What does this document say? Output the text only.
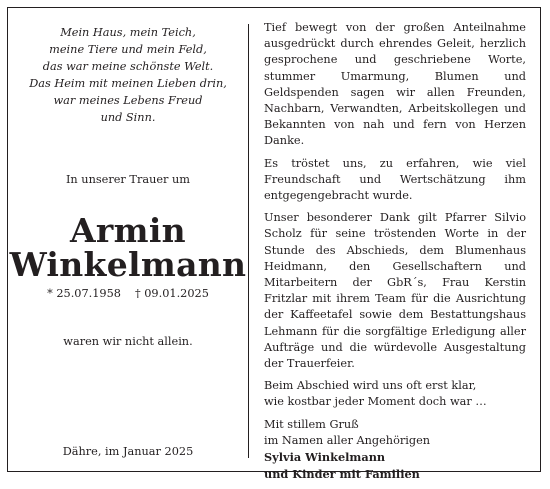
Mein Haus, mein Teich,
meine Tiere und mein Feld,
das war meine schönste Welt.
Das Heim mit meinen Lieben drin,
war meines Lebens Freud
und Sinn.
In unserer Trauer um
Armin
Winkelmann
* 25.07.1958 † 09.01.2025
waren wir nicht allein.
Dähre, im Januar 2025

Tief bewegt von der großen Anteilnahme ausgedrückt durch ehrendes Geleit, herzlich gesprochene und geschriebene Worte, stummer Umarmung, Blumen und Geldspenden sagen wir allen Freunden, Nachbarn, Verwandten, Arbeitskollegen und Bekannten von nah und fern von Herzen Danke.

Es tröstet uns, zu erfahren, wie viel Freundschaft und Wertschätzung ihm entgegengebracht wurde.

Unser besonderer Dank gilt Pfarrer Silvio Scholz für seine tröstenden Worte in der Stunde des Abschieds, dem Blumenhaus Heidmann, den Gesellschaftern und Mitarbeitern der GbR´s, Frau Kerstin Fritzlar mit ihrem Team für die Ausrichtung der Kaffeetafel sowie dem Bestattungshaus Lehmann für die sorgfältige Erledigung aller Aufträge und die würdevolle Ausgestaltung der Trauerfeier.

Beim Abschied wird uns oft erst klar,
wie kostbar jeder Moment doch war …

Mit stillem Gruß
im Namen aller Angehörigen
Sylvia Winkelmann
und Kinder mit Familien
